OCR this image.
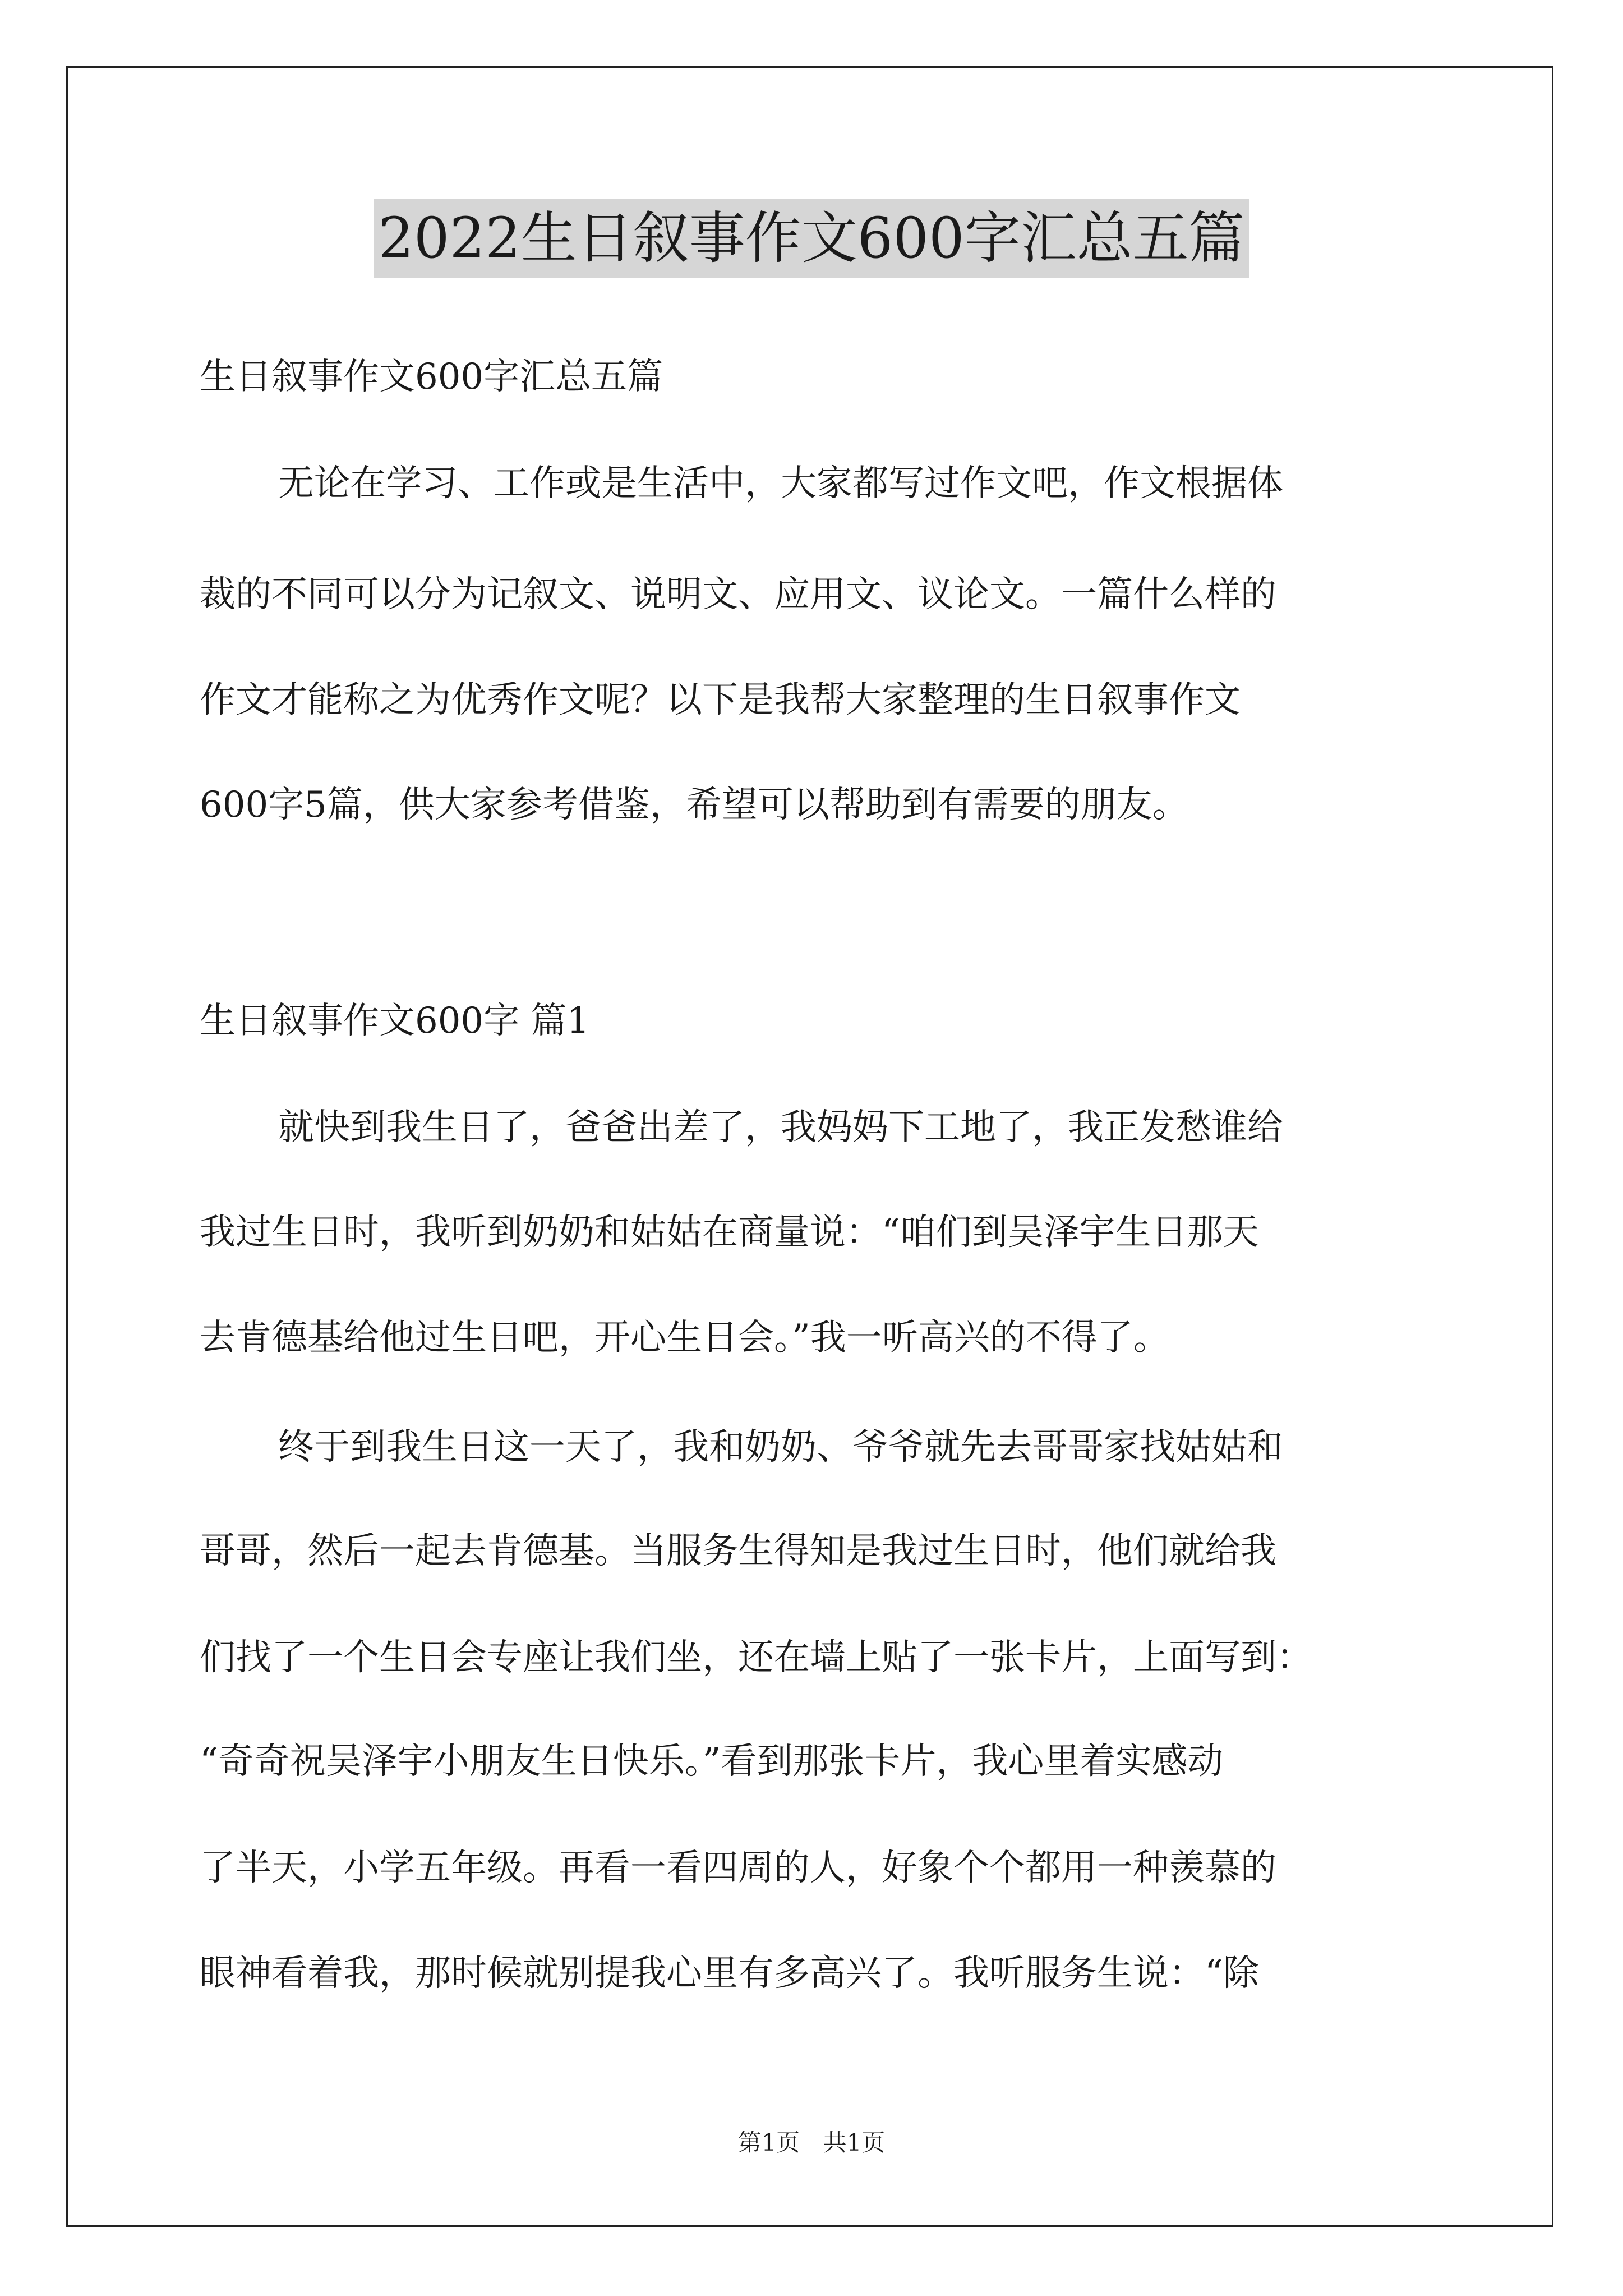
2022生日叙事作文600字汇总五篇
生日叙事作文600字汇总五篇
无论在学习、工作或是生活中，大家都写过作文吧，作文根据体
裁的不同可以分为记叙文、说明文、应用文、议论文。一篇什么样的
作文才能称之为优秀作文呢？以下是我帮大家整理的生日叙事作文
600字5篇，供大家参考借鉴，希望可以帮助到有需要的朋友。
生日叙事作文600字 篇1
就快到我生日了，爸爸出差了，我妈妈下工地了，我正发愁谁给
我过生日时，我听到奶奶和姑姑在商量说：“咱们到吴泽宇生日那天
去肯德基给他过生日吧，开心生日会。”我一听高兴的不得了。
终于到我生日这一天了，我和奶奶、爷爷就先去哥哥家找姑姑和
哥哥，然后一起去肯德基。当服务生得知是我过生日时，他们就给我
们找了一个生日会专座让我们坐，还在墙上贴了一张卡片，上面写到：
“奇奇祝吴泽宇小朋友生日快乐。”看到那张卡片，我心里着实感动
了半天，小学五年级。再看一看四周的人，好象个个都用一种羡慕的
眼神看着我，那时候就别提我心里有多高兴了。我听服务生说：“除
第1页 共1页
